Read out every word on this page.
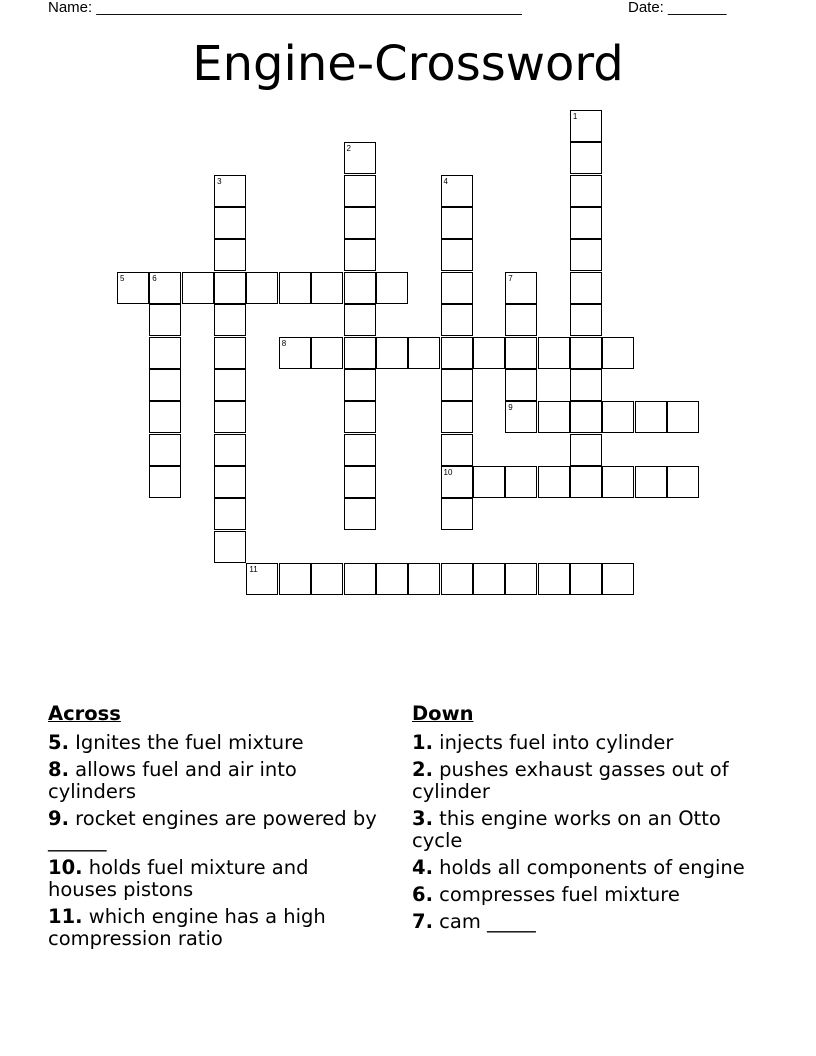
Name: ___________________________________________________	Date: _______
Engine-Crossword
1
2
3	4
10
5	6	7
9
8
11
Across
5. Ignites the fuel mixture
8. allows fuel and air into cylinders
9. rocket engines are powered by ______
10. holds fuel mixture and houses pistons
11. which engine has a high compression ratio
Down
1. injects fuel into cylinder
2. pushes exhaust gasses out of cylinder
3. this engine works on an Otto cycle
4. holds all components of engine
6. compresses fuel mixture
7. cam _____
